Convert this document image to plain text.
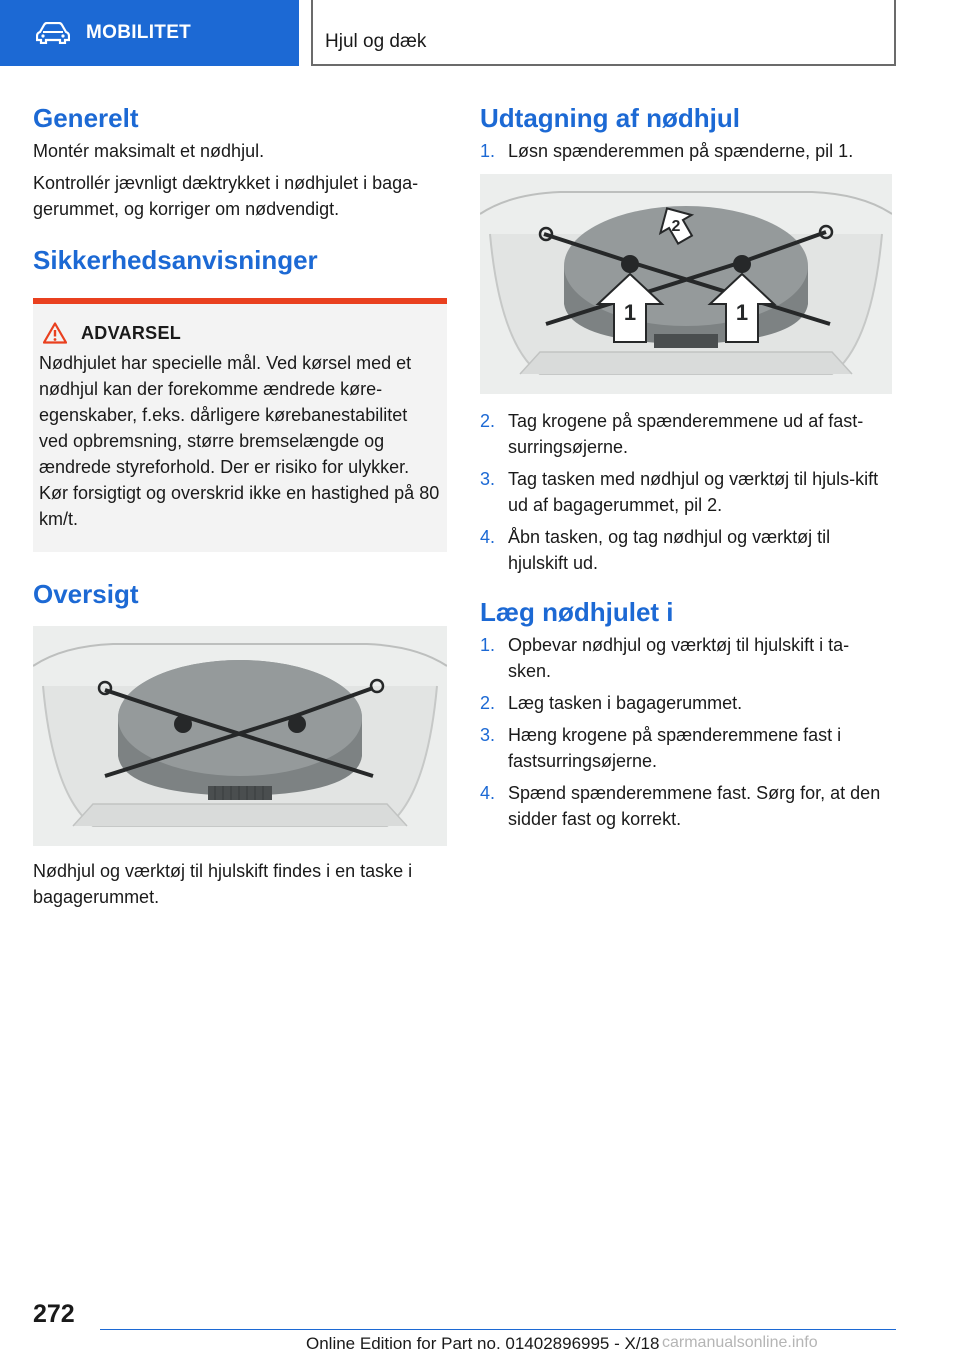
MOBILITET	Hjul og dæk
Generelt

Montér maksimalt et nødhjul.

Kontrollér jævnligt dæktrykket i nødhjulet i baga-
gerummet, og korriger om nødvendigt.

Sikkerhedsanvisninger
ADVARSEL

Nødhjulet har specielle mål. Ved kørsel med et nødhjul kan der forekomme ændrede køre-egenskaber, f.eks. dårligere kørebanestabilitet ved opbremsning, større bremselængde og ændrede styreforhold. Der er risiko for ulykker. Kør forsigtigt og overskrid ikke en hastighed på 80 km/t.

Oversigt

Nødhjul og værktøj til hjulskift findes i en taske i bagagerummet.

Udtagning af nødhjul
1. Løsn spænderemmen på spænderne, pil 1.
2
1	1
2. Tag krogene på spænderemmene ud af fast-surringsøjerne.
3. Tag tasken med nødhjul og værktøj til hjuls-kift ud af bagagerummet, pil 2.
4. Åbn tasken, og tag nødhjul og værktøj til hjulskift ud.
Læg nødhjulet i
1. Opbevar nødhjul og værktøj til hjulskift i ta-sken.
2. Læg tasken i bagagerummet.
3. Hæng krogene på spænderemmene fast i fastsurringsøjerne.
4. Spænd spænderemmene fast. Sørg for, at den sidder fast og korrekt.
272
Online Edition for Part no. 01402896995 - X/18 carmanualsonline.info
